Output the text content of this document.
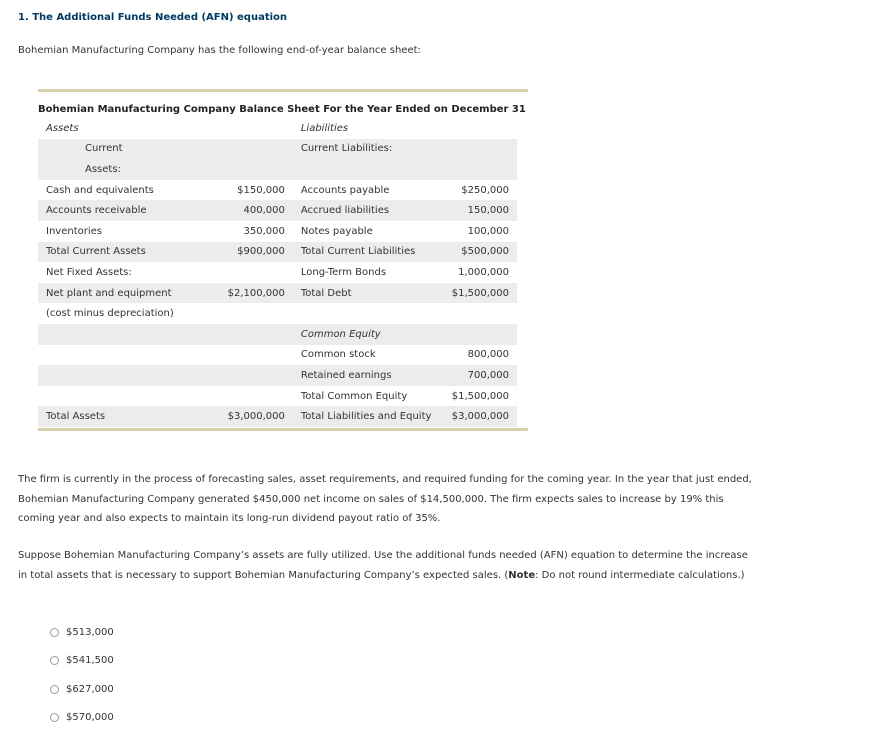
1. The Additional Funds Needed (AFN) equation

Bohemian Manufacturing Company has the following end-of-year balance sheet:

Bohemian Manufacturing Company Balance Sheet For the Year Ended on December 31
Assets		Liabilities	
Current		Current Liabilities:	
Assets:			
Cash and equivalents	$150,000	Accounts payable	$250,000
Accounts receivable	400,000	Accrued liabilities	150,000
Inventories	350,000	Notes payable	100,000
Total Current Assets	$900,000	Total Current Liabilities	$500,000
Net Fixed Assets:		Long-Term Bonds	1,000,000
Net plant and equipment	$2,100,000	Total Debt	$1,500,000
(cost minus depreciation)			
		Common Equity	
		Common stock	800,000
		Retained earnings	700,000
		Total Common Equity	$1,500,000
Total Assets	$3,000,000	Total Liabilities and Equity	$3,000,000

The firm is currently in the process of forecasting sales, asset requirements, and required funding for the coming year. In the year that just ended, Bohemian Manufacturing Company generated $450,000 net income on sales of $14,500,000. The firm expects sales to increase by 19% this coming year and also expects to maintain its long-run dividend payout ratio of 35%.

Suppose Bohemian Manufacturing Company’s assets are fully utilized. Use the additional funds needed (AFN) equation to determine the increase in total assets that is necessary to support Bohemian Manufacturing Company’s expected sales. (Note: Do not round intermediate calculations.)

$513,000
$541,500
$627,000
$570,000
